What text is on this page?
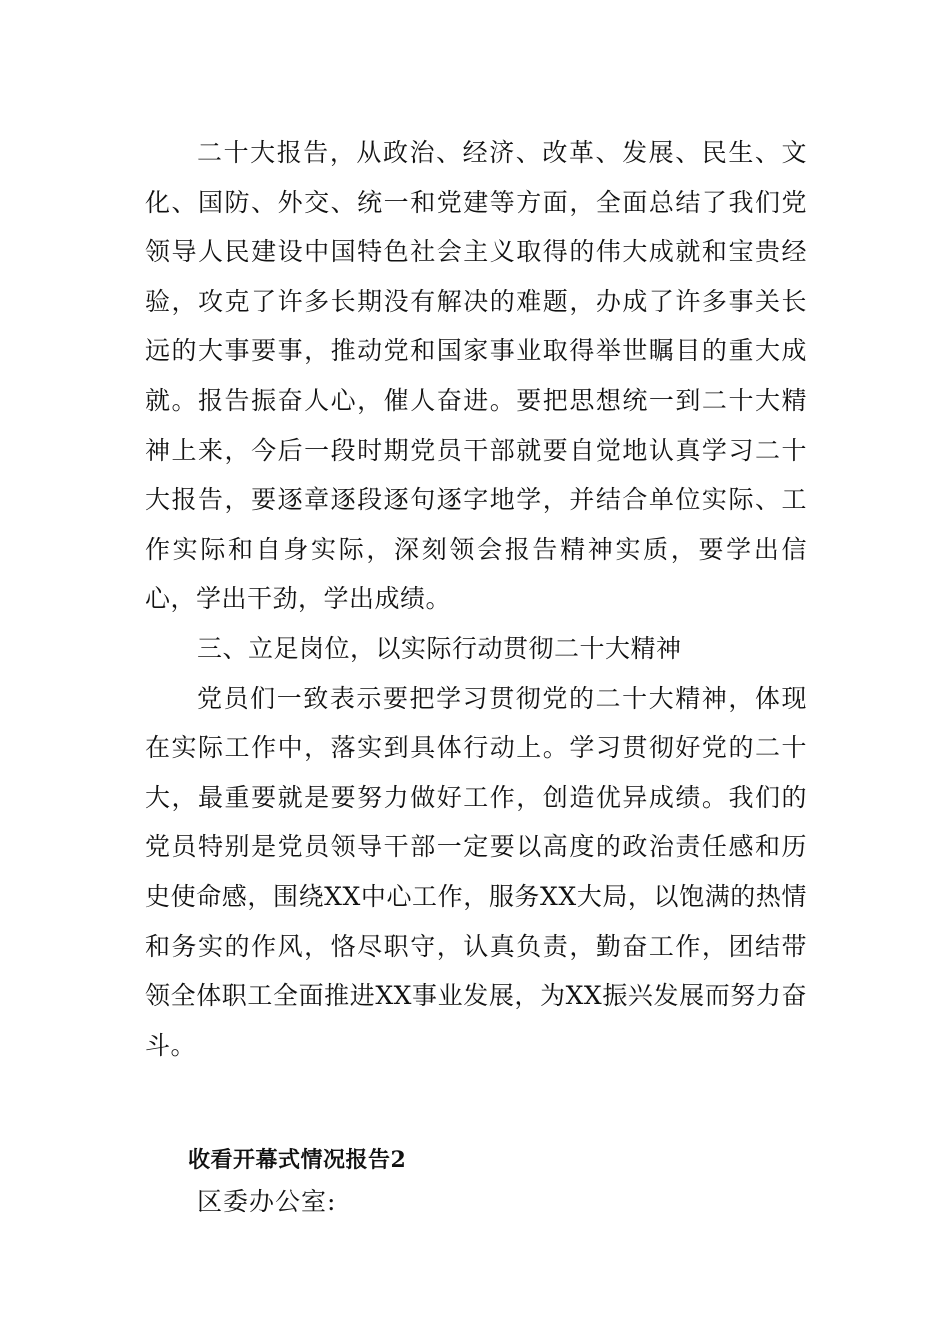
二十大报告，从政治、经济、改革、发展、民生、文化、国防、外交、统一和党建等方面，全面总结了我们党领导人民建设中国特色社会主义取得的伟大成就和宝贵经验，攻克了许多长期没有解决的难题，办成了许多事关长远的大事要事，推动党和国家事业取得举世瞩目的重大成就。报告振奋人心，催人奋进。要把思想统一到二十大精神上来，今后一段时期党员干部就要自觉地认真学习二十大报告，要逐章逐段逐句逐字地学，并结合单位实际、工作实际和自身实际，深刻领会报告精神实质，要学出信心，学出干劲，学出成绩。

三、立足岗位，以实际行动贯彻二十大精神

党员们一致表示要把学习贯彻党的二十大精神，体现在实际工作中，落实到具体行动上。学习贯彻好党的二十大，最重要就是要努力做好工作，创造优异成绩。我们的党员特别是党员领导干部一定要以高度的政治责任感和历史使命感，围绕XX中心工作，服务XX大局，以饱满的热情和务实的作风，恪尽职守，认真负责，勤奋工作，团结带领全体职工全面推进XX事业发展，为XX振兴发展而努力奋斗。

收看开幕式情况报告2
区委办公室:
